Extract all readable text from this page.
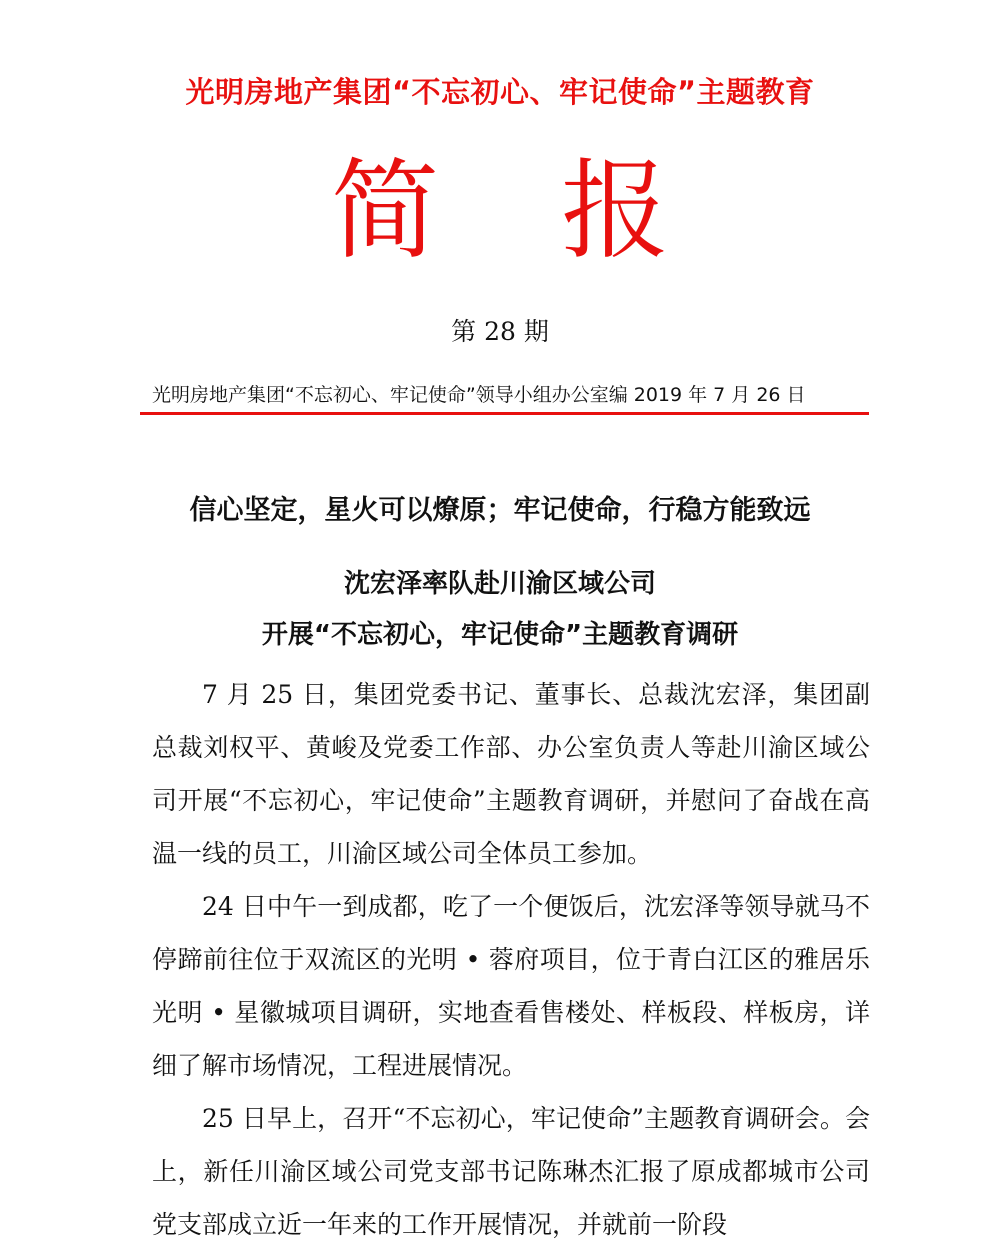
光明房地产集团“不忘初心、牢记使命”主题教育
简 报
第 28 期
光明房地产集团“不忘初心、牢记使命”领导小组办公室编 2019 年 7 月 26 日
信心坚定，星火可以燎原；牢记使命，行稳方能致远
沈宏泽率队赴川渝区域公司
开展“不忘初心，牢记使命”主题教育调研

7 月 25 日，集团党委书记、董事长、总裁沈宏泽，集团副总裁刘权平、黄峻及党委工作部、办公室负责人等赴川渝区域公司开展“不忘初心，牢记使命”主题教育调研，并慰问了奋战在高温一线的员工，川渝区域公司全体员工参加。

24 日中午一到成都，吃了一个便饭后，沈宏泽等领导就马不停蹄前往位于双流区的光明 • 蓉府项目，位于青白江区的雅居乐光明 • 星徽城项目调研，实地查看售楼处、样板段、样板房，详细了解市场情况，工程进展情况。

25 日早上，召开“不忘初心，牢记使命”主题教育调研会。会上，新任川渝区域公司党支部书记陈琳杰汇报了原成都城市公司党支部成立近一年来的工作开展情况，并就前一阶段
